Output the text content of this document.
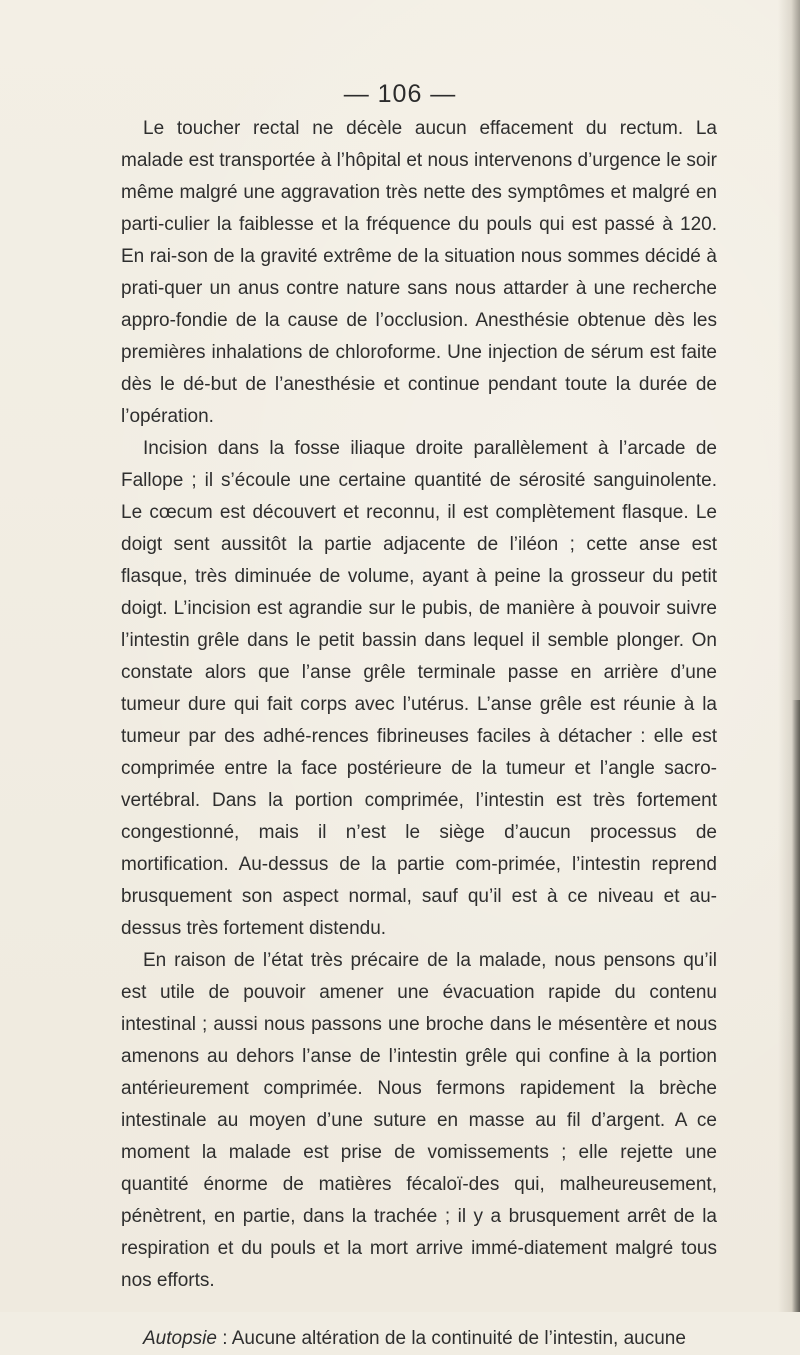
— 106 —

Le toucher rectal ne décèle aucun effacement du rectum. La malade est transportée à l’hôpital et nous intervenons d’urgence le soir même malgré une aggravation très nette des symptômes et malgré en parti-culier la faiblesse et la fréquence du pouls qui est passé à 120. En rai-son de la gravité extrême de la situation nous sommes décidé à prati-quer un anus contre nature sans nous attarder à une recherche appro-fondie de la cause de l’occlusion. Anesthésie obtenue dès les premières inhalations de chloroforme. Une injection de sérum est faite dès le dé-but de l’anesthésie et continue pendant toute la durée de l’opération.

Incision dans la fosse iliaque droite parallèlement à l’arcade de Fallope ; il s’écoule une certaine quantité de sérosité sanguinolente. Le cœcum est découvert et reconnu, il est complètement flasque. Le doigt sent aussitôt la partie adjacente de l’iléon ; cette anse est flasque, très diminuée de volume, ayant à peine la grosseur du petit doigt. L’incision est agrandie sur le pubis, de manière à pouvoir suivre l’intestin grêle dans le petit bassin dans lequel il semble plonger. On constate alors que l’anse grêle terminale passe en arrière d’une tumeur dure qui fait corps avec l’utérus. L’anse grêle est réunie à la tumeur par des adhé-rences fibrineuses faciles à détacher : elle est comprimée entre la face postérieure de la tumeur et l’angle sacro-vertébral. Dans la portion comprimée, l’intestin est très fortement congestionné, mais il n’est le siège d’aucun processus de mortification. Au-dessus de la partie com-primée, l’intestin reprend brusquement son aspect normal, sauf qu’il est à ce niveau et au-dessus très fortement distendu.

En raison de l’état très précaire de la malade, nous pensons qu’il est utile de pouvoir amener une évacuation rapide du contenu intestinal ; aussi nous passons une broche dans le mésentère et nous amenons au dehors l’anse de l’intestin grêle qui confine à la portion antérieurement comprimée. Nous fermons rapidement la brèche intestinale au moyen d’une suture en masse au fil d’argent. A ce moment la malade est prise de vomissements ; elle rejette une quantité énorme de matières fécaloï-des qui, malheureusement, pénètrent, en partie, dans la trachée ; il y a brusquement arrêt de la respiration et du pouls et la mort arrive immé-diatement malgré tous nos efforts.

Autopsie : Aucune altération de la continuité de l’intestin, aucune
